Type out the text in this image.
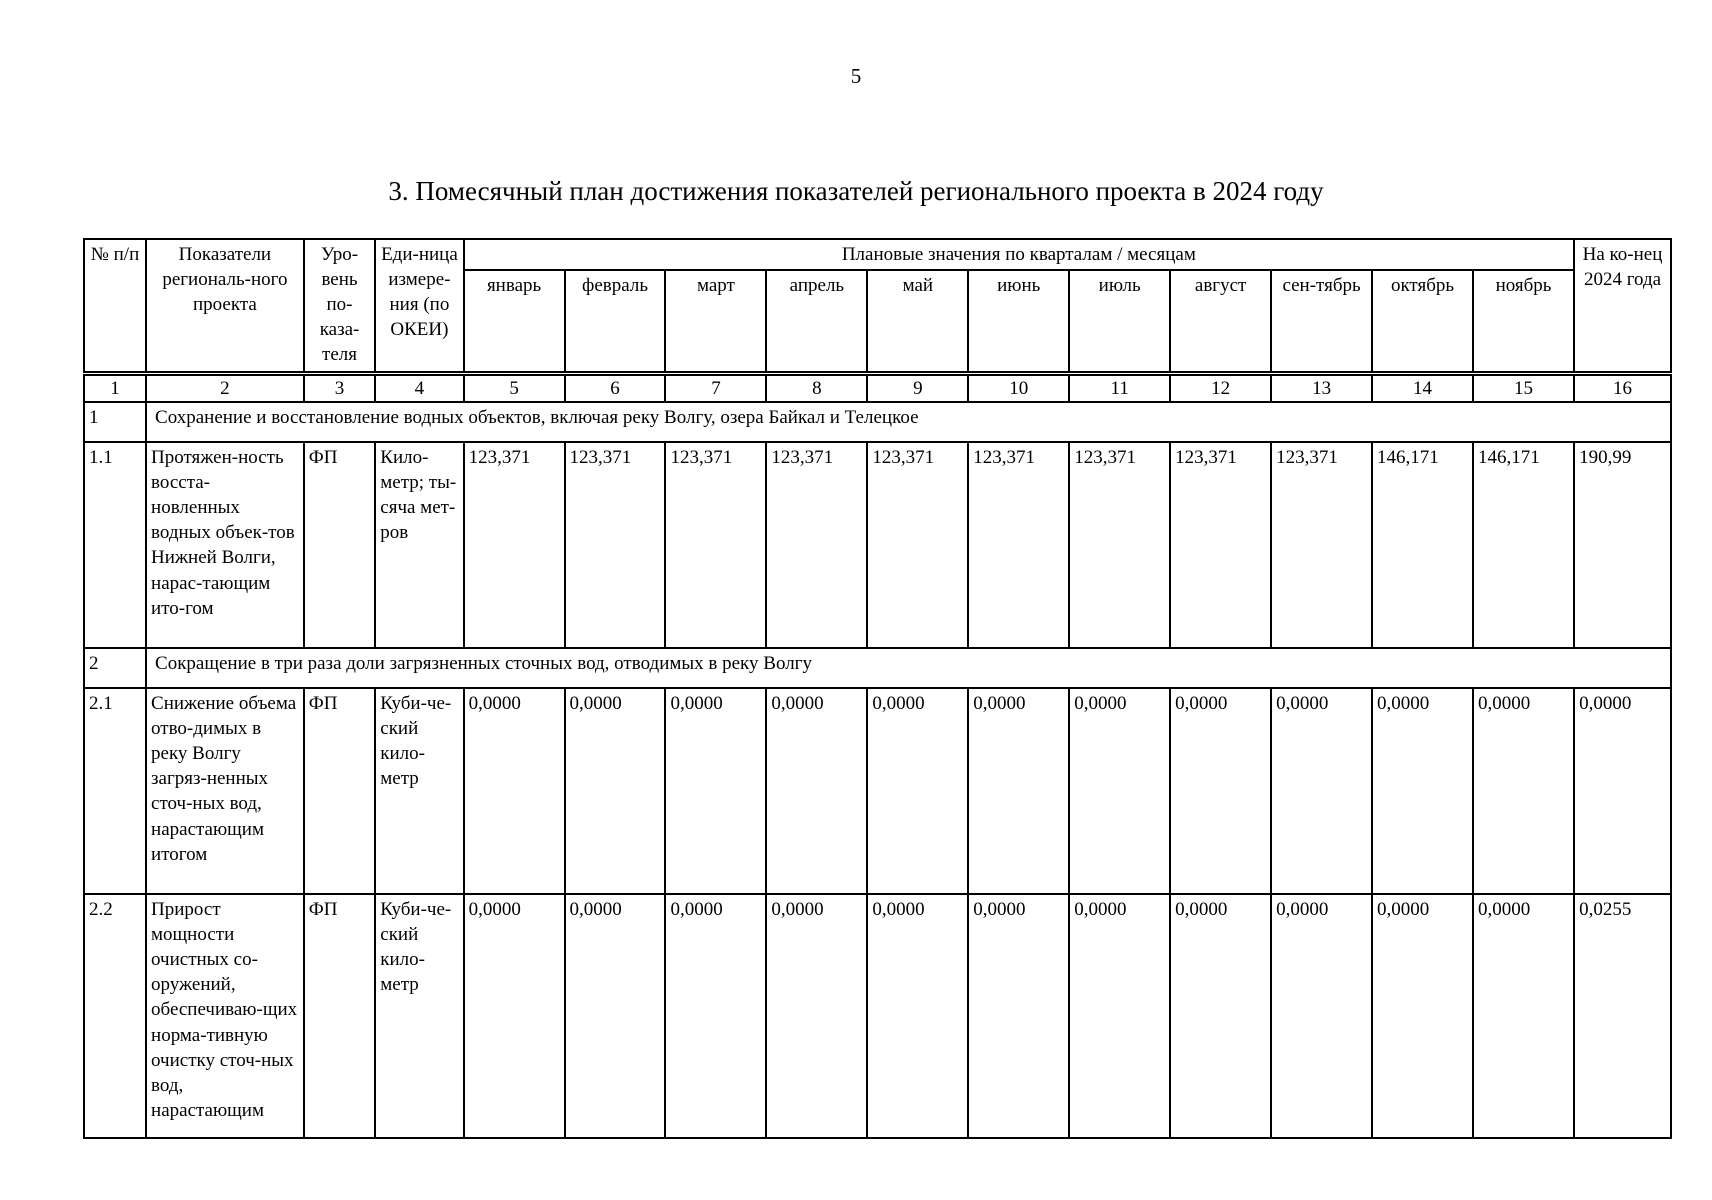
5
3. Помесячный план достижения показателей регионального проекта в 2024 году
№ п/п	Показатели региональ-ного проекта	Уро-вень по-каза-теля	Еди-ница измере-ния (по ОКЕИ)	Плановые значения по кварталам / месяцам											На ко-нец 2024 года
				январь	февраль	март	апрель	май	июнь	июль	август	сен-тябрь	октябрь	ноябрь	
1	2	3	4	5	6	7	8	9	10	11	12	13	14	15	16
1	Сохранение и восстановление водных объектов, включая реку Волгу, озера Байкал и Телецкое														
1.1	Протяжен-ность восста-новленных водных объек-тов Нижней Волги, нарас-тающим ито-гом	ФП	Кило-метр; ты-сяча мет-ров	123,371	123,371	123,371	123,371	123,371	123,371	123,371	123,371	123,371	146,171	146,171	190,99
2	Сокращение в три раза доли загрязненных сточных вод, отводимых в реку Волгу														
2.1	Снижение объема отво-димых в реку Волгу загряз-ненных сточ-ных вод, нарастающим итогом	ФП	Куби-че-ский кило-метр	0,0000	0,0000	0,0000	0,0000	0,0000	0,0000	0,0000	0,0000	0,0000	0,0000	0,0000	0,0000
2.2	Прирост мощности очистных со-оружений, обеспечиваю-щих норма-тивную очистку сточ-ных вод, нарастающим	ФП	Куби-че-ский кило-метр	0,0000	0,0000	0,0000	0,0000	0,0000	0,0000	0,0000	0,0000	0,0000	0,0000	0,0000	0,0255
